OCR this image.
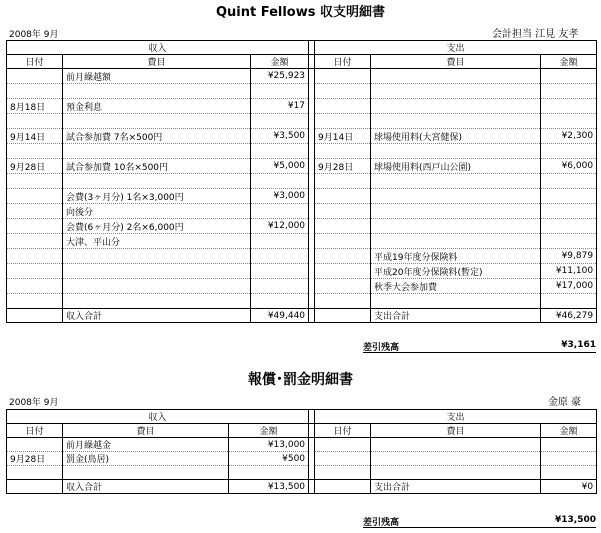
Quint Fellows 収支明細書
2008年 9月	会計担当 江見 友孝
収入				支出		
日付	費目	金額		日付	費目	金額
	前月繰越額	¥25,923				

8月18日	預金利息	¥17				

9月14日	試合参加費 7名×500円	¥3,500		9月14日	球場使用料(大宮健保)	¥2,300

9月28日	試合参加費 10名×500円	¥5,000		9月28日	球場使用料(西戸山公園)	¥6,000

	会費(3ヶ月分) 1名×3,000円	¥3,000				
	向後分					
	会費(6ヶ月分) 2名×6,000円	¥12,000				
	大津、平山分					
					平成19年度分保険料	¥9,879
					平成20年度分保険料(暫定)	¥11,100
					秋季大会参加費	¥17,000

	収入合計	¥49,440			支出合計	¥46,279
差引残高	¥3,161
報償･罰金明細書
2008年 9月	金原 豪
収入				支出		
日付	費目	金額		日付	費目	金額
	前月繰越金	¥13,000				
9月28日	罰金(鳥居)	¥500				

	収入合計	¥13,500			支出合計	¥0
差引残高	¥13,500
